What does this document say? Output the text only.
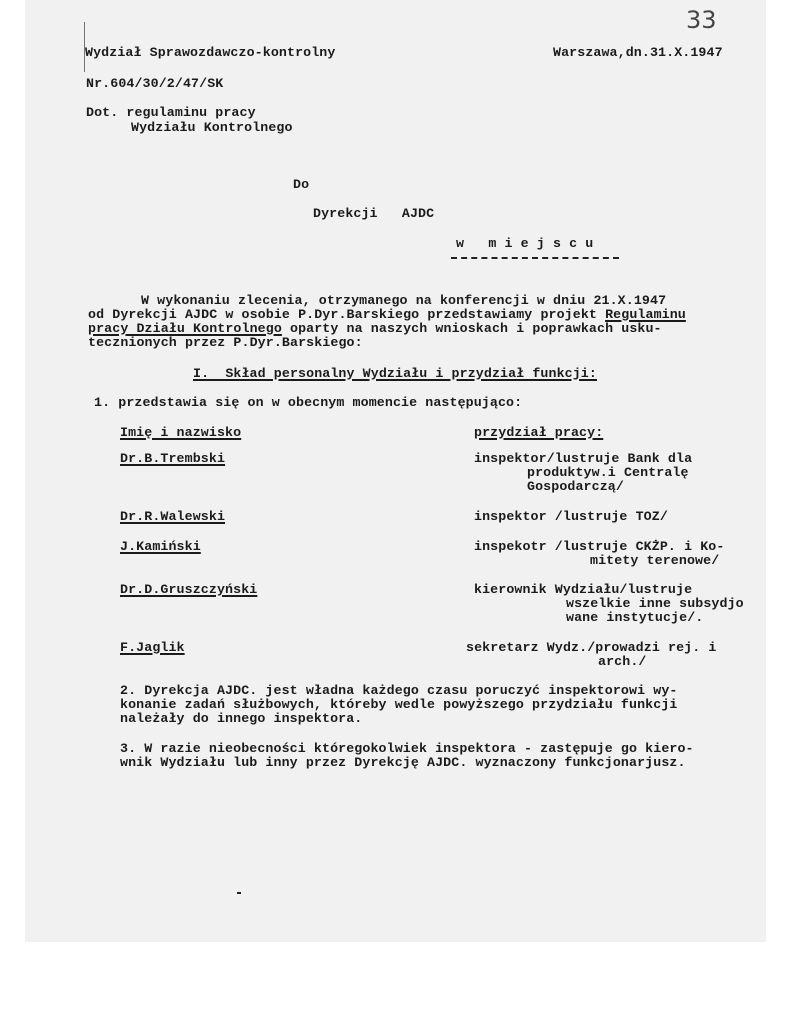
33
Wydział Sprawozdawczo-kontrolny	Warszawa,dn.31.X.1947
Nr.604/30/2/47/SK
Dot. regulaminu pracy
Wydziału Kontrolnego
Do
Dyrekcji   AJDC
w   m i e j s c u
W wykonaniu zlecenia, otrzymanego na konferencji w dniu 21.X.1947
od Dyrekcji AJDC w osobie P.Dyr.Barskiego przedstawiamy projekt Regulaminu
pracy Działu Kontrolnego oparty na naszych wnioskach i poprawkach usku-
tecznionych przez P.Dyr.Barskiego:
I.  Skład personalny Wydziału i przydział funkcji:
1. przedstawia się on w obecnym momencie następująco:
Imię i nazwisko	przydział pracy:
Dr.B.Trembski	inspektor/lustruje Bank dla
produktyw.i Centralę
Gospodarczą/
Dr.R.Walewski	inspektor /lustruje TOZ/
J.Kamiński	inspekotr /lustruje CKŻP. i Ko-
mitety terenowe/
Dr.D.Gruszczyński	kierownik Wydziału/lustruje
wszelkie inne subsydjo
wane instytucje/.
F.Jaglik	sekretarz Wydz./prowadzi rej. i
arch./
2. Dyrekcja AJDC. jest władna każdego czasu poruczyć inspektorowi wy-
konanie zadań służbowych, któreby wedle powyższego przydziału funkcji
należały do innego inspektora.
3. W razie nieobecności któregokolwiek inspektora - zastępuje go kiero-
wnik Wydziału lub inny przez Dyrekcję AJDC. wyznaczony funkcjonarjusz.
